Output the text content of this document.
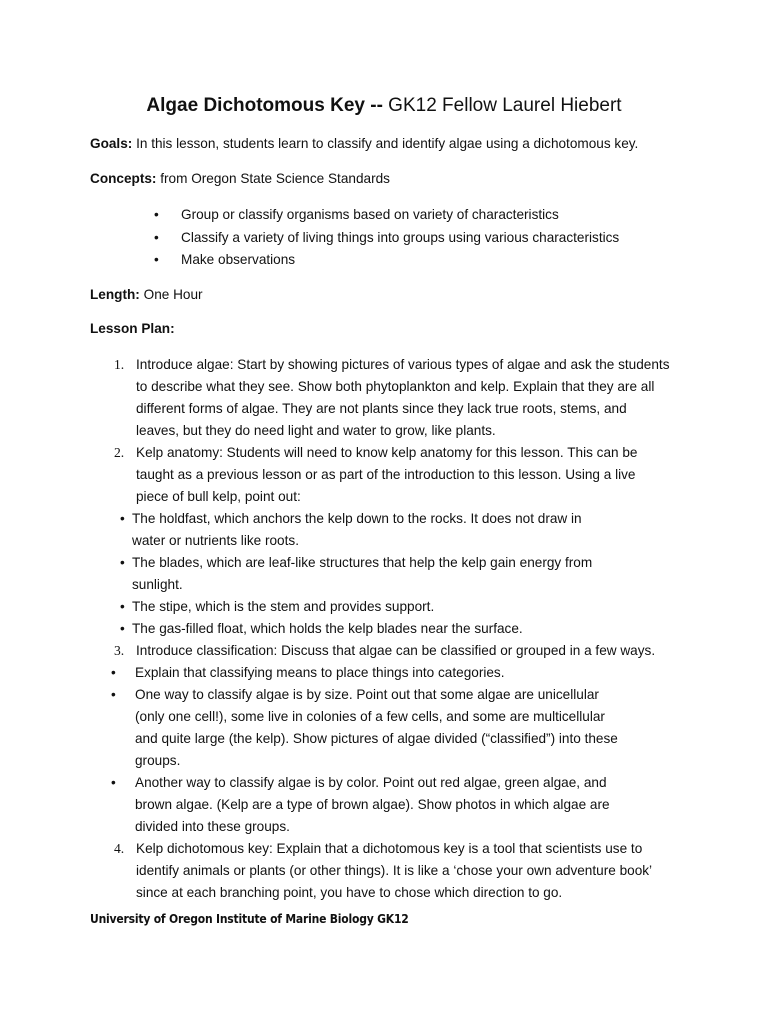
Algae Dichotomous Key -- GK12 Fellow Laurel Hiebert
Goals: In this lesson, students learn to classify and identify algae using a dichotomous key.
Concepts: from Oregon State Science Standards
• Group or classify organisms based on variety of characteristics
• Classify a variety of living things into groups using various characteristics
• Make observations
Length: One Hour
Lesson Plan:
1. Introduce algae: Start by showing pictures of various types of algae and ask the students
to describe what they see. Show both phytoplankton and kelp. Explain that they are all
different forms of algae. They are not plants since they lack true roots, stems, and
leaves, but they do need light and water to grow, like plants.
2. Kelp anatomy: Students will need to know kelp anatomy for this lesson. This can be
taught as a previous lesson or as part of the introduction to this lesson. Using a live
piece of bull kelp, point out:
• The holdfast, which anchors the kelp down to the rocks. It does not draw in
water or nutrients like roots.
• The blades, which are leaf-like structures that help the kelp gain energy from
sunlight.
• The stipe, which is the stem and provides support.
• The gas-filled float, which holds the kelp blades near the surface.
3. Introduce classification: Discuss that algae can be classified or grouped in a few ways.
• Explain that classifying means to place things into categories.
• One way to classify algae is by size. Point out that some algae are unicellular
(only one cell!), some live in colonies of a few cells, and some are multicellular
and quite large (the kelp). Show pictures of algae divided (“classified”) into these
groups.
• Another way to classify algae is by color. Point out red algae, green algae, and
brown algae. (Kelp are a type of brown algae). Show photos in which algae are
divided into these groups.
4. Kelp dichotomous key: Explain that a dichotomous key is a tool that scientists use to
identify animals or plants (or other things). It is like a ‘chose your own adventure book’
since at each branching point, you have to chose which direction to go.
University of Oregon Institute of Marine Biology GK12
